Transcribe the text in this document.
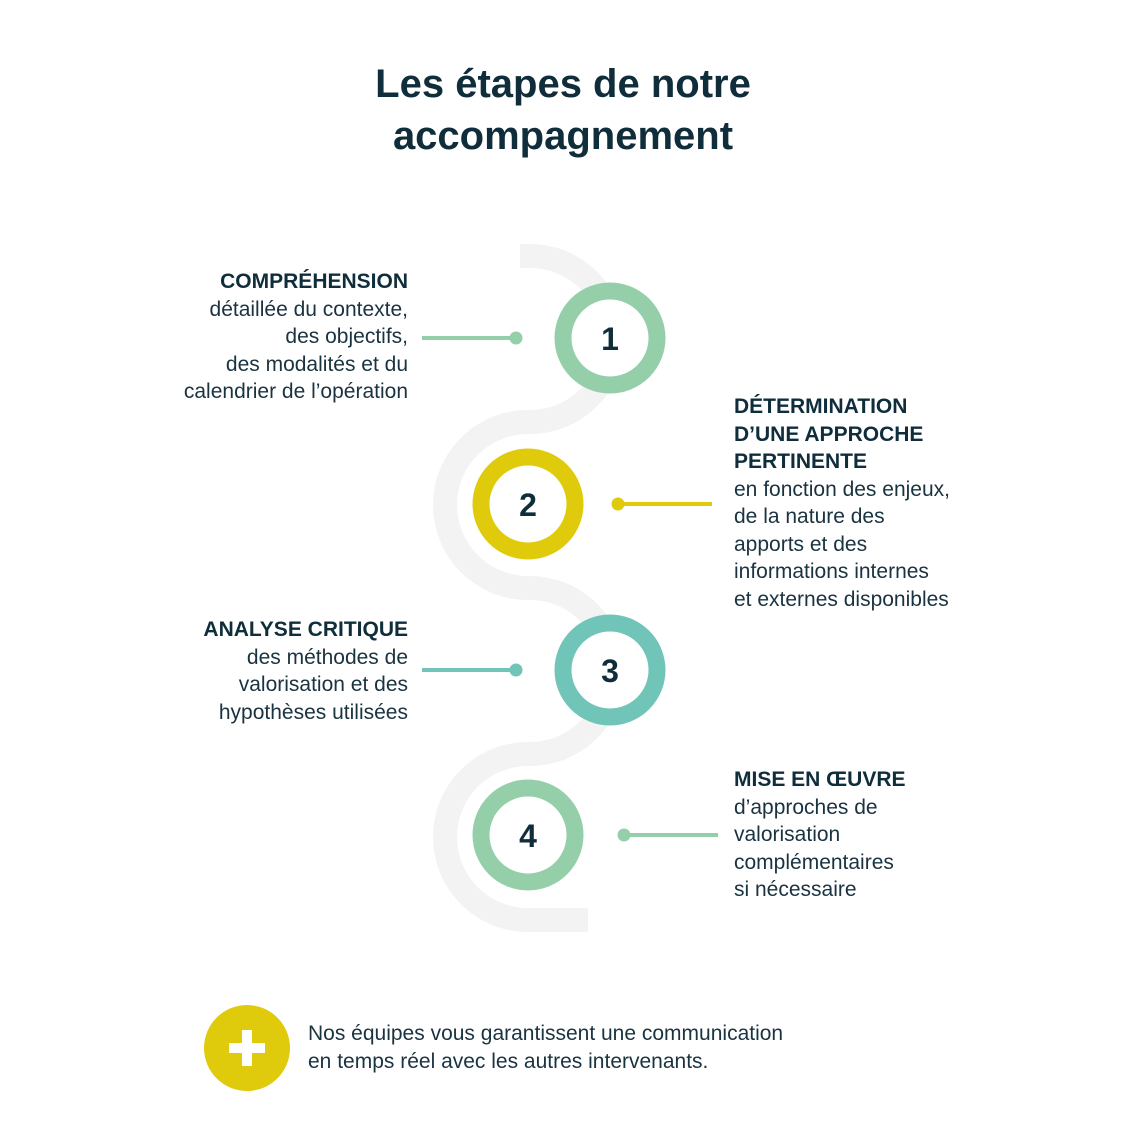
Les étapes de notre
accompagnement
1
2
3
4
COMPRÉHENSION
détaillée du contexte,
des objectifs,
des modalités et du
calendrier de l’opération
DÉTERMINATION
D’UNE APPROCHE
PERTINENTE
en fonction des enjeux,
de la nature des
apports et des
informations internes
et externes disponibles
ANALYSE CRITIQUE
des méthodes de
valorisation et des
hypothèses utilisées
MISE EN ŒUVRE
d’approches de
valorisation
complémentaires
si nécessaire
Nos équipes vous garantissent une communication
en temps réel avec les autres intervenants.
